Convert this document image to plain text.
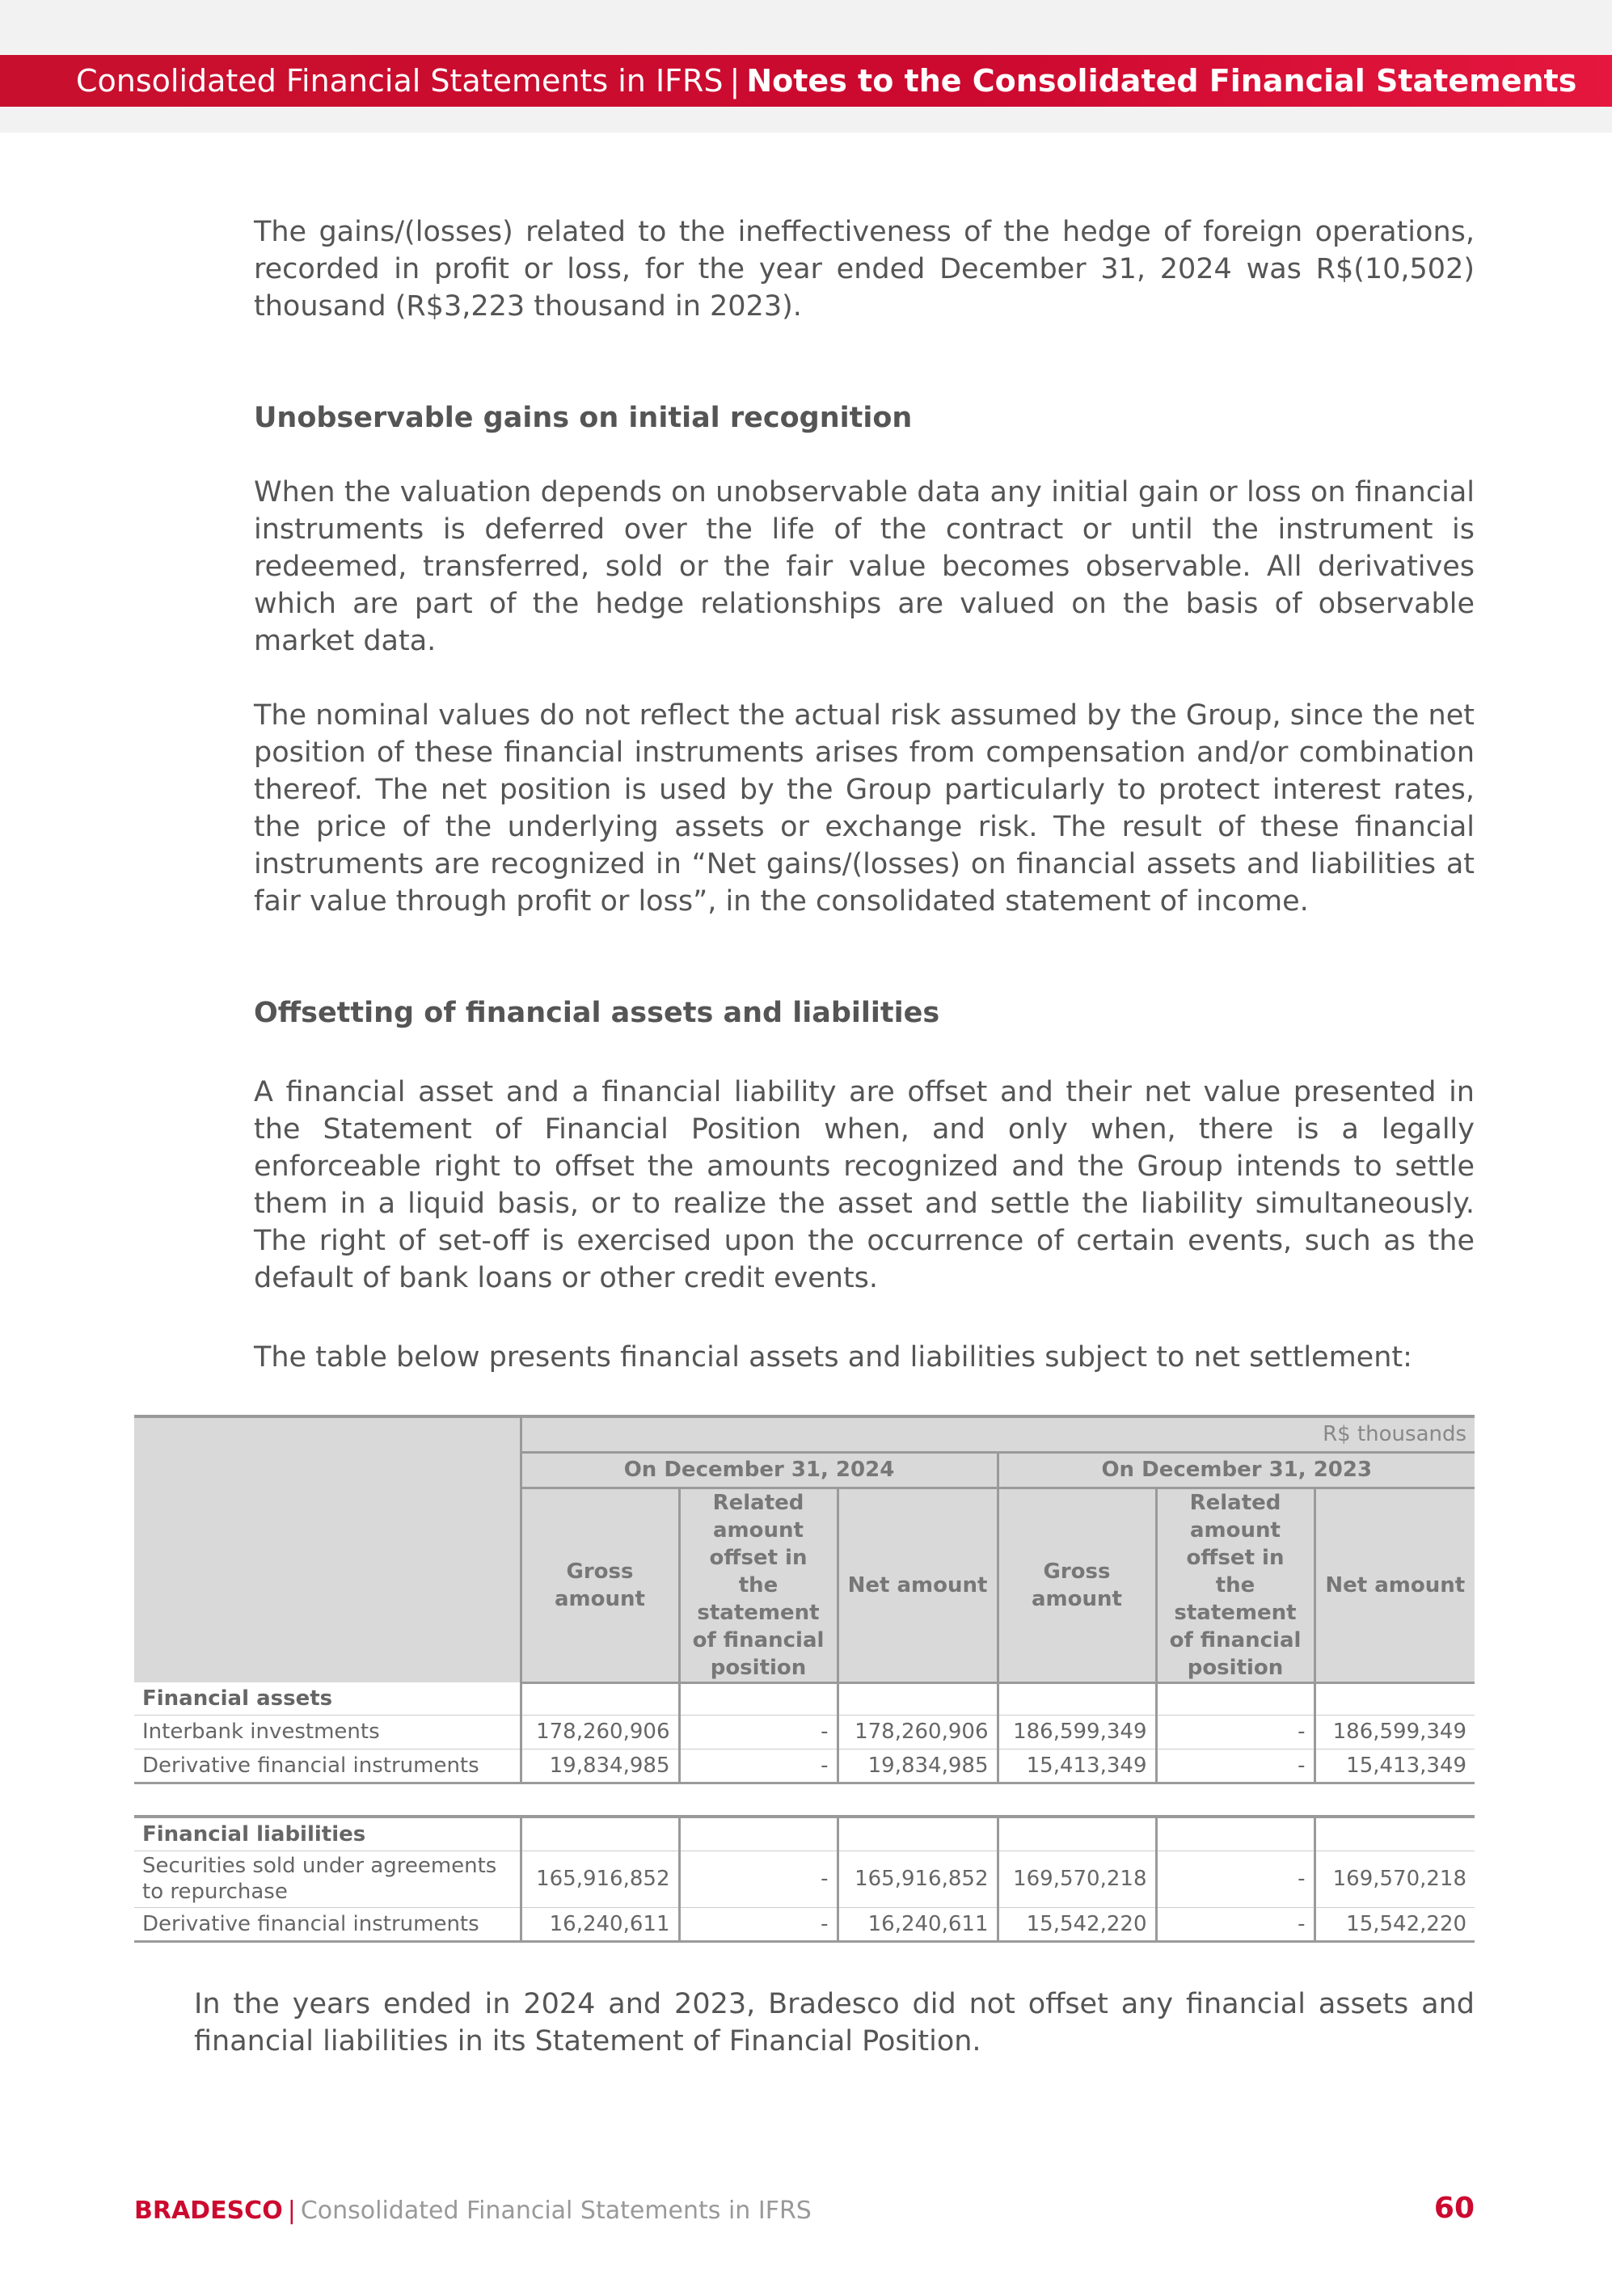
Consolidated Financial Statements in IFRS | Notes to the Consolidated Financial Statements
The gains/(losses) related to the ineffectiveness of the hedge of foreign operations, recorded in profit or loss, for the year ended December 31, 2024 was R$(10,502) thousand (R$3,223 thousand in 2023).
Unobservable gains on initial recognition
When the valuation depends on unobservable data any initial gain or loss on financial instruments is deferred over the life of the contract or until the instrument is redeemed, transferred, sold or the fair value becomes observable. All derivatives which are part of the hedge relationships are valued on the basis of observable market data.
The nominal values do not reflect the actual risk assumed by the Group, since the net position of these financial instruments arises from compensation and/or combination thereof. The net position is used by the Group particularly to protect interest rates, the price of the underlying assets or exchange risk. The result of these financial instruments are recognized in “Net gains/(losses) on financial assets and liabilities at fair value through profit or loss”, in the consolidated statement of income.
Offsetting of financial assets and liabilities
A financial asset and a financial liability are offset and their net value presented in the Statement of Financial Position when, and only when, there is a legally enforceable right to offset the amounts recognized and the Group intends to settle them in a liquid basis, or to realize the asset and settle the liability simultaneously. The right of set-off is exercised upon the occurrence of certain events, such as the default of bank loans or other credit events.
The table below presents financial assets and liabilities subject to net settlement:
	R$ thousands					
	On December 31, 2024			On December 31, 2023		
	Gross amount	Related amount offset in the statement of financial position	Net amount	Gross amount	Related amount offset in the statement of financial position	Net amount
Financial assets						
Interbank investments	178,260,906	-	178,260,906	186,599,349	-	186,599,349
Derivative financial instruments	19,834,985	-	19,834,985	15,413,349	-	15,413,349

Financial liabilities						
Securities sold under agreements to repurchase	165,916,852	-	165,916,852	169,570,218	-	169,570,218
Derivative financial instruments	16,240,611	-	16,240,611	15,542,220	-	15,542,220
In the years ended in 2024 and 2023, Bradesco did not offset any financial assets and financial liabilities in its Statement of Financial Position.
BRADESCO | Consolidated Financial Statements in IFRS	60
